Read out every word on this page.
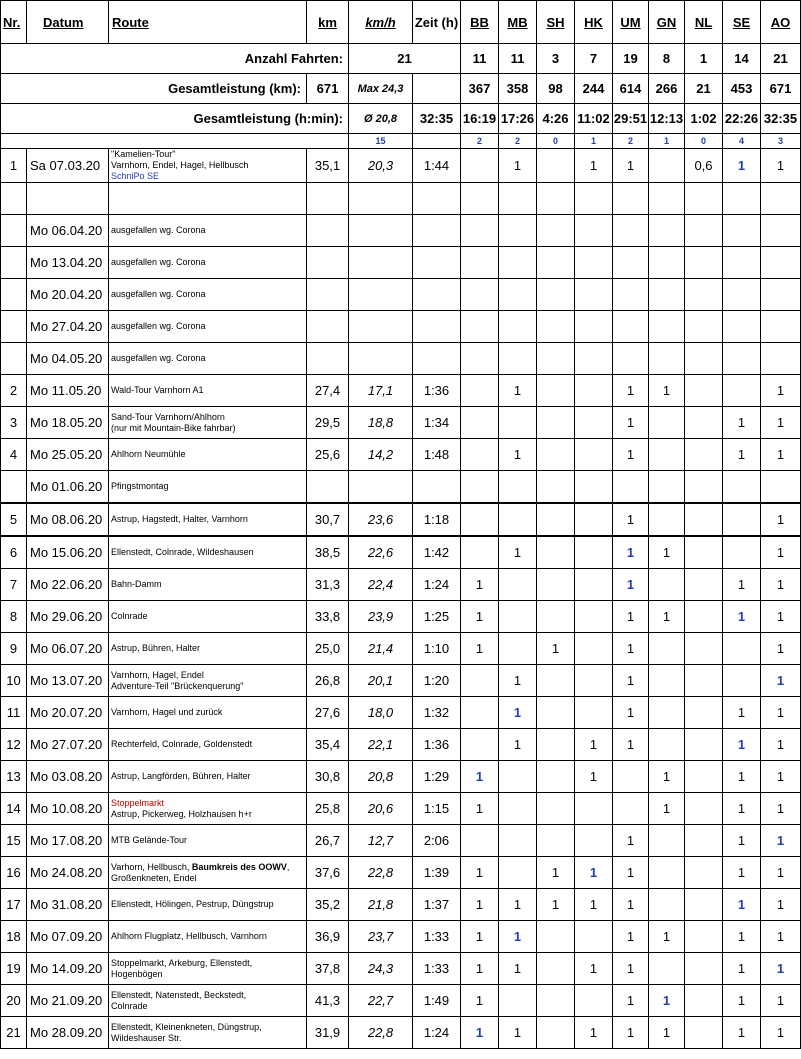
Nr.	Datum	Route	km	km/h	Zeit (h)	BB	MB	SH	HK	UM	GN	NL	SE	AO
Anzahl Fahrten:				21		11	11	3	7	19	8	1	14	21
Gesamtleistung (km):			671	Max 24,3		367	358	98	244	614	266	21	453	671
Gesamtleistung (h:min):				Ø 20,8	32:35	16:19	17:26	4:26	11:02	29:51	12:13	1:02	22:26	32:35
				15		2	2	0	1	2	1	0	4	3
1	Sa 07.03.20	"Kamelien-Tour"
Varnhorn, Endel, Hagel, Hellbusch
SchniPo SE	35,1	20,3	1:44		1		1	1		0,6	1	1

	Mo 06.04.20	ausgefallen wg. Corona												

	Mo 13.04.20	ausgefallen wg. Corona												

	Mo 20.04.20	ausgefallen wg. Corona												

	Mo 27.04.20	ausgefallen wg. Corona												

	Mo 04.05.20	ausgefallen wg. Corona												

2	Mo 11.05.20	Wald-Tour Varnhorn A1	27,4	17,1	1:36		1			1	1			1
3	Mo 18.05.20	Sand-Tour Varnhorn/Ahlhorn
(nur mit Mountain-Bike fahrbar)	29,5	18,8	1:34					1			1	1
4	Mo 25.05.20	Ahlhorn Neumühle	25,6	14,2	1:48		1			1			1	1
	Mo 01.06.20	Pfingstmontag												

5	Mo 08.06.20	Astrup, Hagstedt, Halter, Varnhorn	30,7	23,6	1:18					1				1
6	Mo 15.06.20	Ellenstedt, Colnrade, Wildeshausen	38,5	22,6	1:42		1			1	1			1
7	Mo 22.06.20	Bahn-Damm	31,3	22,4	1:24	1				1			1	1
8	Mo 29.06.20	Colnrade	33,8	23,9	1:25	1				1	1		1	1
9	Mo 06.07.20	Astrup, Bühren, Halter	25,0	21,4	1:10	1		1		1				1
10	Mo 13.07.20	Varnhorn, Hagel, Endel
Adventure-Teil "Brückenquerung"	26,8	20,1	1:20		1			1				1
11	Mo 20.07.20	Varnhorn, Hagel und zurück	27,6	18,0	1:32		1			1			1	1
12	Mo 27.07.20	Rechterfeld, Colnrade, Goldenstedt	35,4	22,1	1:36		1		1	1			1	1
13	Mo 03.08.20	Astrup, Langförden, Bühren, Halter	30,8	20,8	1:29	1			1		1		1	1
14	Mo 10.08.20	Stoppelmarkt
Astrup, Pickerweg, Holzhausen h+r	25,8	20,6	1:15	1					1		1	1
15	Mo 17.08.20	MTB Gelände-Tour	26,7	12,7	2:06					1			1	1
16	Mo 24.08.20	Varhorn, Hellbusch, Baumkreis des OOWV, Großenkneten, Endel	37,6	22,8	1:39	1		1	1	1			1	1
17	Mo 31.08.20	Ellenstedt, Hölingen, Pestrup, Düngstrup	35,2	21,8	1:37	1	1	1	1	1			1	1
18	Mo 07.09.20	Ahlhorn Flugplatz, Hellbusch, Varnhorn	36,9	23,7	1:33	1	1			1	1		1	1
19	Mo 14.09.20	Stoppelmarkt, Arkeburg, Ellenstedt,
Hogenbögen	37,8	24,3	1:33	1	1		1	1			1	1
20	Mo 21.09.20	Ellenstedt, Natenstedt, Beckstedt,
Colnrade	41,3	22,7	1:49	1				1	1		1	1
21	Mo 28.09.20	Ellenstedt, Kleinenkneten, Düngstrup,
Wildeshauser Str.	31,9	22,8	1:24	1	1		1	1	1		1	1
